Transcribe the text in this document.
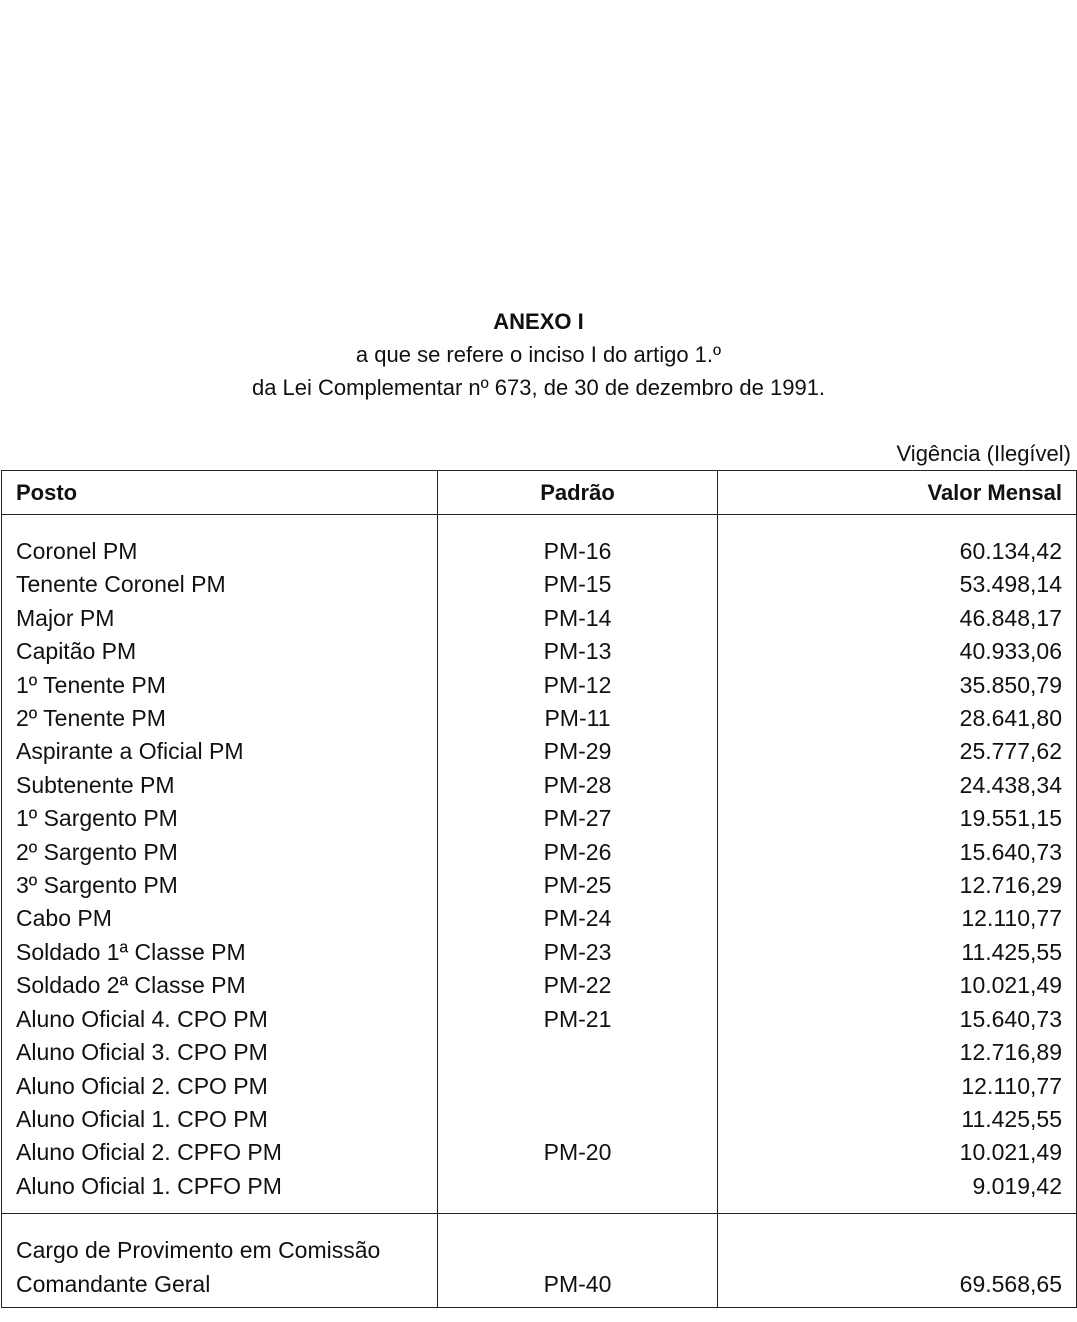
ANEXO I
a que se refere o inciso I do artigo 1.º
da Lei Complementar nº 673, de 30 de dezembro de 1991.
Vigência (Ilegível)
Posto	Padrão	Valor Mensal

Coronel PM	PM-16	60.134,42
Tenente Coronel PM	PM-15	53.498,14
Major PM	PM-14	46.848,17
Capitão PM	PM-13	40.933,06
1º Tenente PM	PM-12	35.850,79
2º Tenente PM	PM-11	28.641,80
Aspirante a Oficial PM	PM-29	25.777,62
Subtenente PM	PM-28	24.438,34
1º Sargento PM	PM-27	19.551,15
2º Sargento PM	PM-26	15.640,73
3º Sargento PM	PM-25	12.716,29
Cabo PM	PM-24	12.110,77
Soldado 1ª Classe PM	PM-23	11.425,55
Soldado 2ª Classe PM	PM-22	10.021,49
Aluno Oficial 4. CPO PM	PM-21	15.640,73
Aluno Oficial 3. CPO PM		12.716,89
Aluno Oficial 2. CPO PM		12.110,77
Aluno Oficial 1. CPO PM		11.425,55
Aluno Oficial 2. CPFO PM	PM-20	10.021,49
Aluno Oficial 1. CPFO PM		9.019,42

Cargo de Provimento em Comissão		
Comandante Geral	PM-40	69.568,65
